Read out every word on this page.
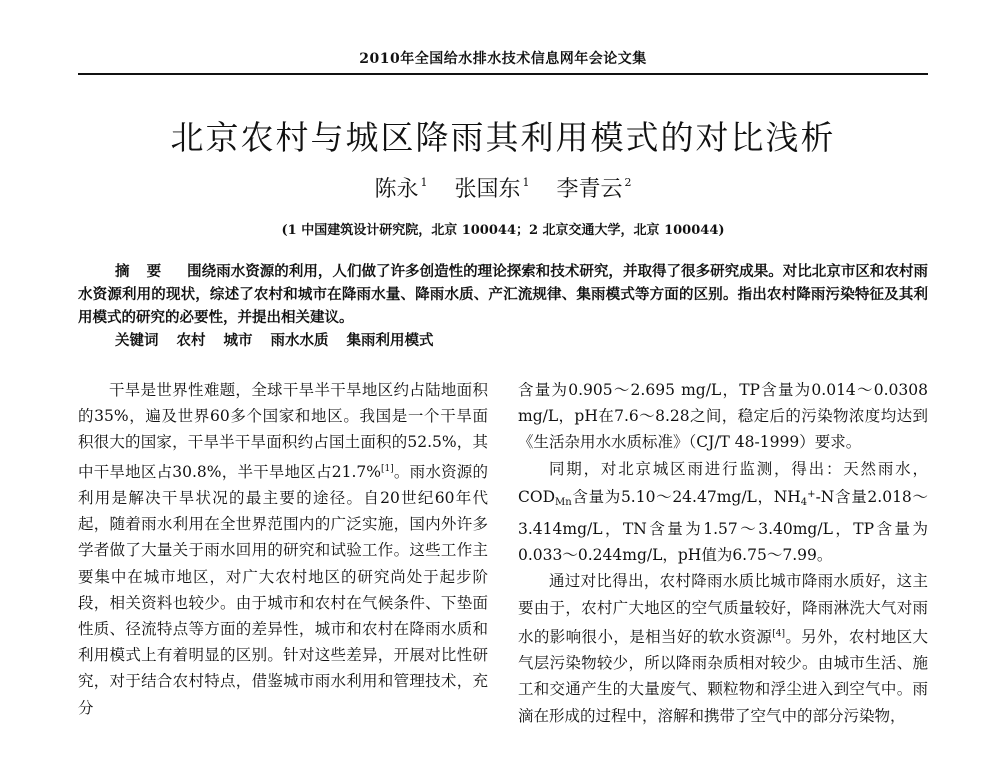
2010年全国给水排水技术信息网年会论文集
北京农村与城区降雨其利用模式的对比浅析
陈永 $^1$ 张国东 $^1$ 李青云 $^2$
(1 中国建筑设计研究院，北京 100044；2 北京交通大学，北京 100044)

摘 要 围绕雨水资源的利用，人们做了许多创造性的理论探索和技术研究，并取得了很多研究成果。对比北京市区和农村雨水资源利用的现状，综述了农村和城市在降雨水量、降雨水质、产汇流规律、集雨模式等方面的区别。指出农村降雨污染特征及其利用模式的研究的必要性，并提出相关建议。

关键词 农村 城市 雨水水质 集雨利用模式

干旱是世界性难题，全球干旱半干旱地区约占陆地面积的35%，遍及世界60多个国家和地区。我国是一个干旱面积很大的国家，干旱半干旱面积约占国土面积的52.5%，其中干旱地区占30.8%，半干旱地区占21.7%[1]。雨水资源的利用是解决干旱状况的最主要的途径。自20世纪60年代起，随着雨水利用在全世界范围内的广泛实施，国内外许多学者做了大量关于雨水回用的研究和试验工作。这些工作主要集中在城市地区，对广大农村地区的研究尚处于起步阶段，相关资料也较少。由于城市和农村在气候条件、下垫面性质、径流特点等方面的差异性，城市和农村在降雨水质和利用模式上有着明显的区别。针对这些差异，开展对比性研究，对于结合农村特点，借鉴城市雨水利用和管理技术，充分

含量为0.905～2.695 mg/L，TP含量为0.014～0.0308 mg/L，pH在7.6～8.28之间，稳定后的污染物浓度均达到《生活杂用水水质标准》（CJ/T 48-1999）要求。

同期，对北京城区雨进行监测，得出：天然雨水，$COD_{Mn}$含量为5.10～24.47mg/L，$NH_4^+-N$含量2.018～3.414mg/L，TN含量为1.57～3.40mg/L，TP含量为0.033～0.244mg/L，pH值为6.75～7.99。

通过对比得出，农村降雨水质比城市降雨水质好，这主要由于，农村广大地区的空气质量较好，降雨淋洗大气对雨水的影响很小，是相当好的软水资源[4]。另外，农村地区大气层污染物较少，所以降雨杂质相对较少。由城市生活、施工和交通产生的大量废气、颗粒物和浮尘进入到空气中。雨滴在形成的过程中，溶解和携带了空气中的部分污染物，
